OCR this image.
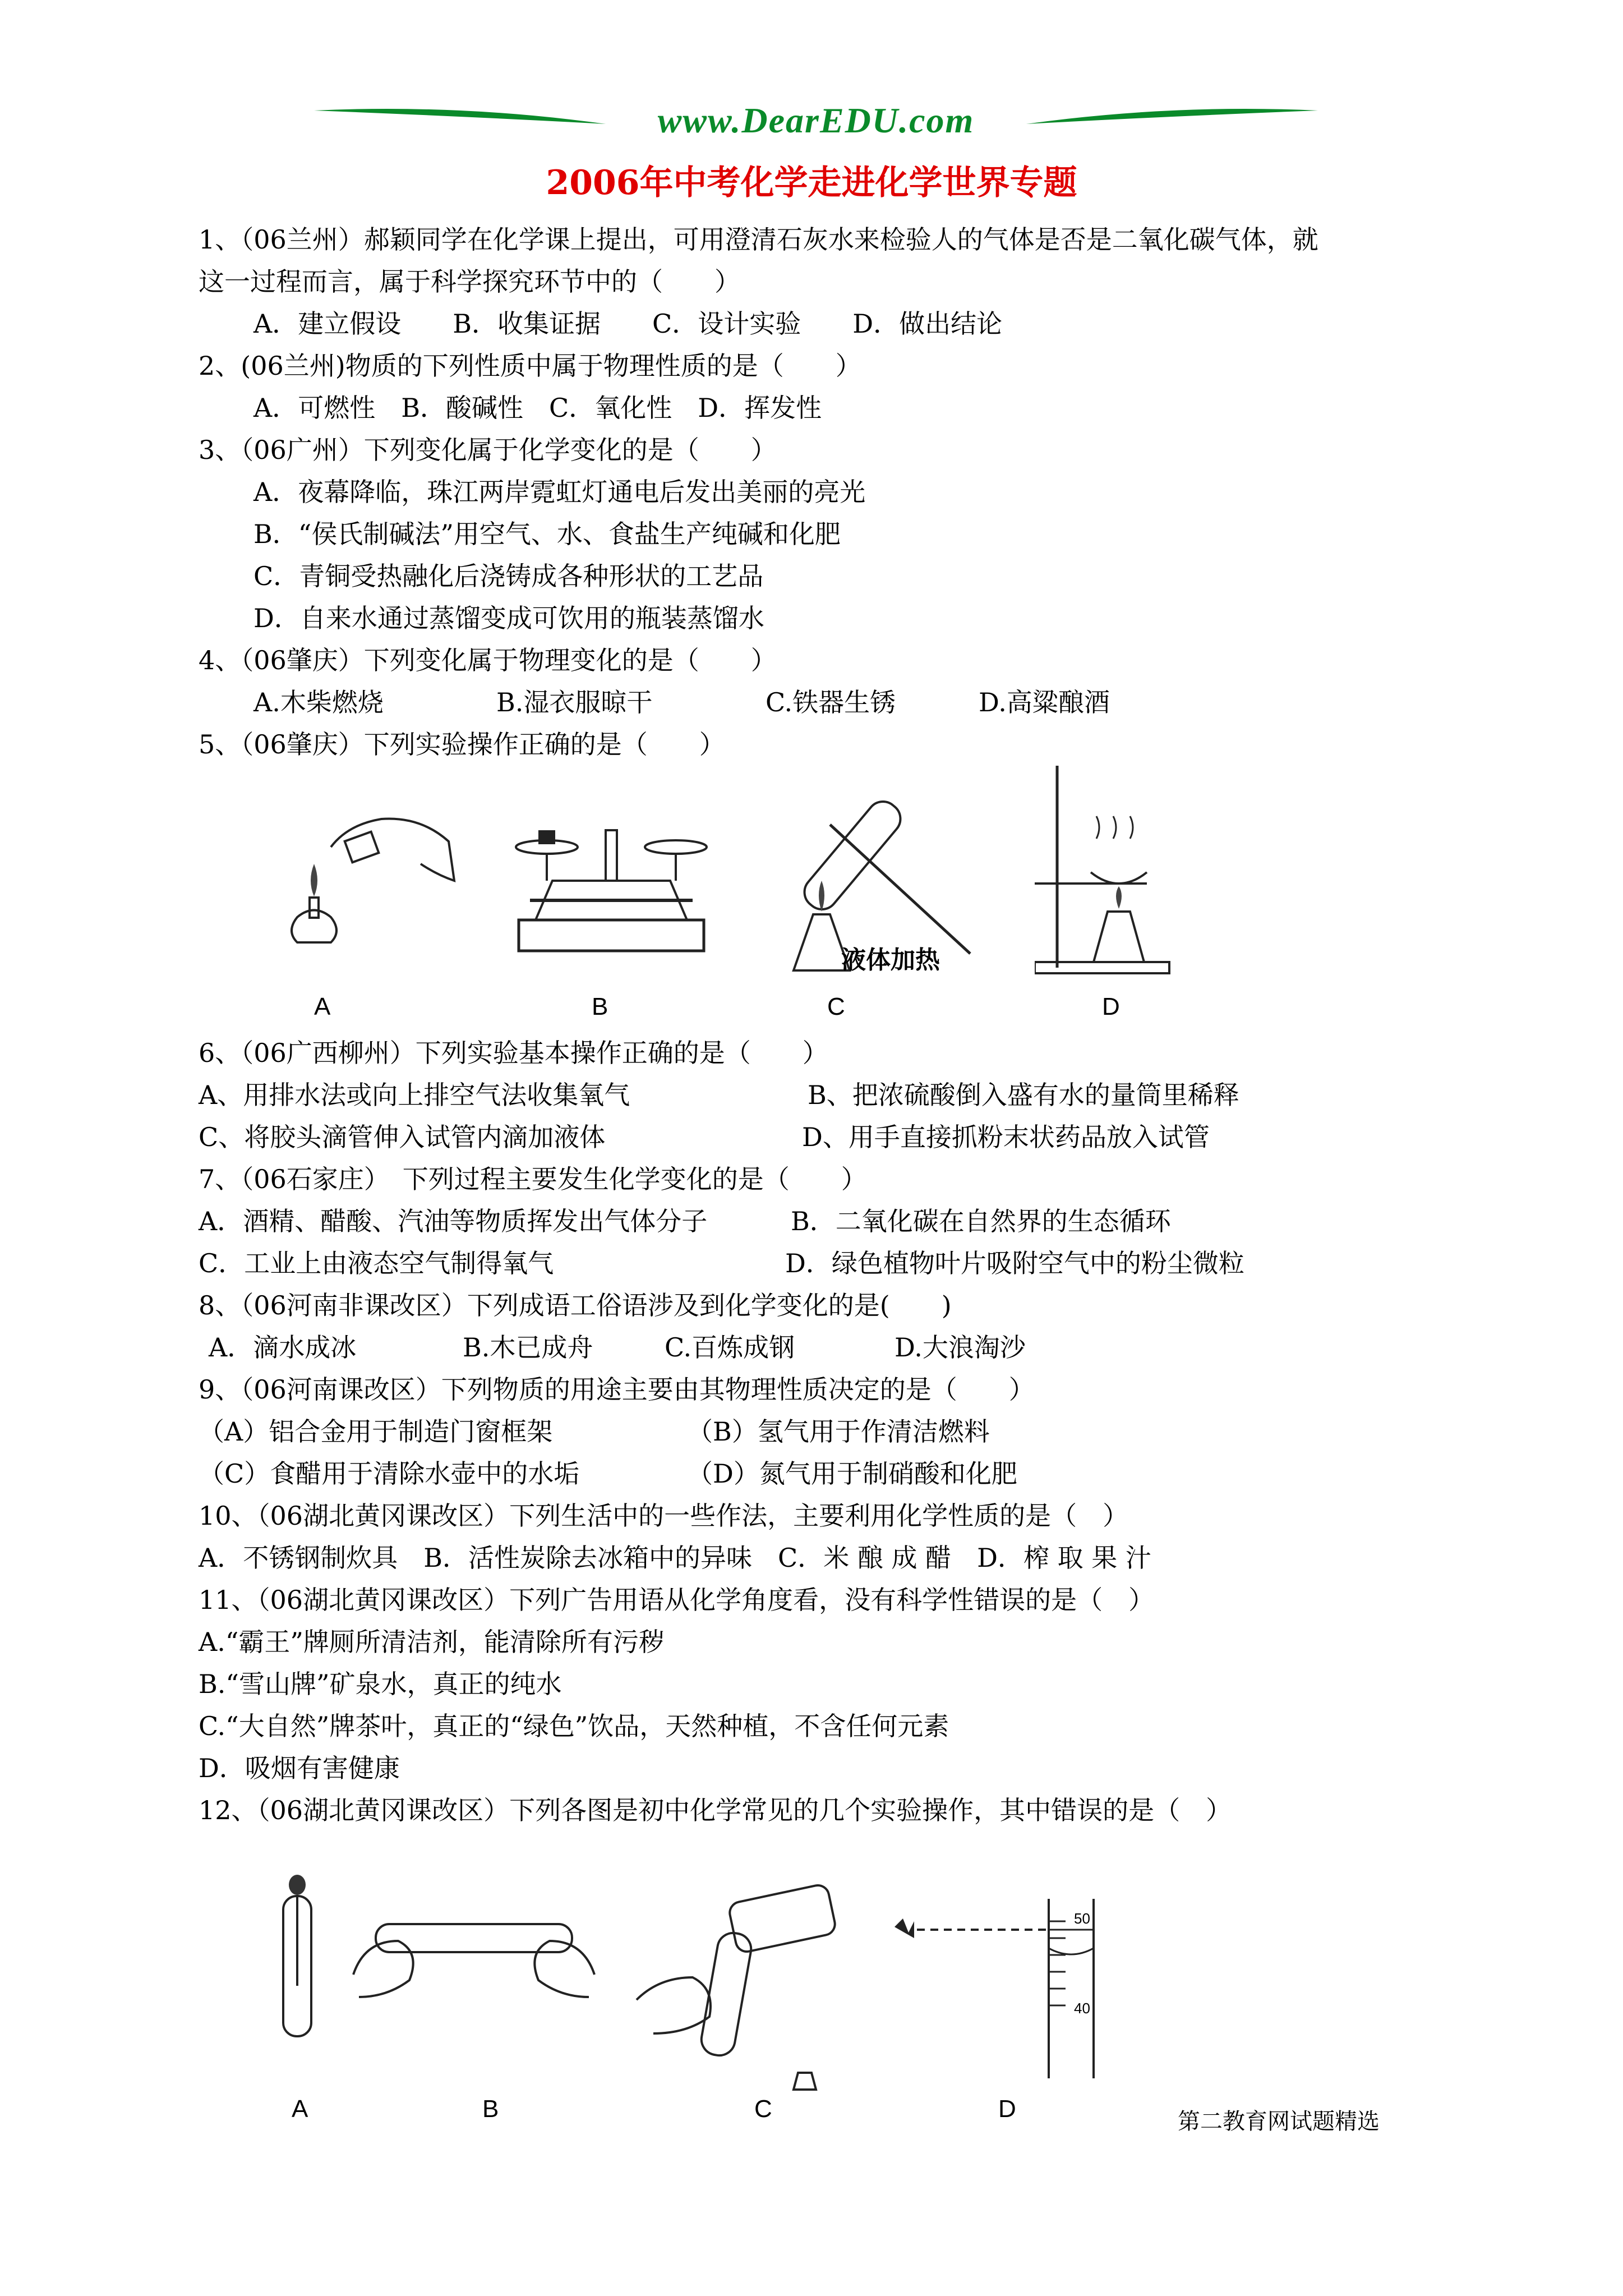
www.DearEDU.com
2006年中考化学走进化学世界专题
1、（06兰州）郝颖同学在化学课上提出，可用澄清石灰水来检验人的气体是否是二氧化碳气体，就
这一过程而言，属于科学探究环节中的（　　）
A．建立假设　　B．收集证据　　C．设计实验　　D．做出结论
2、(06兰州)物质的下列性质中属于物理性质的是（　　）
A．可燃性　B．酸碱性　C．氧化性　D．挥发性
3、（06广州）下列变化属于化学变化的是（　　）
A．夜幕降临，珠江两岸霓虹灯通电后发出美丽的亮光
B．“侯氏制碱法”用空气、水、食盐生产纯碱和化肥
C．青铜受热融化后浇铸成各种形状的工艺品
D．自来水通过蒸馏变成可饮用的瓶装蒸馏水
4、（06肇庆）下列变化属于物理变化的是（　　）
A.木柴燃烧	B.湿衣服晾干	C.铁器生锈	D.高粱酿酒
5、（06肇庆）下列实验操作正确的是（　　）
液体加热
A	B	C	D
6、（06广西柳州）下列实验基本操作正确的是（　　）
A、用排水法或向上排空气法收集氧气	B、把浓硫酸倒入盛有水的量筒里稀释
C、将胶头滴管伸入试管内滴加液体	D、用手直接抓粉末状药品放入试管
7、（06石家庄）　下列过程主要发生化学变化的是（　　）
A．酒精、醋酸、汽油等物质挥发出气体分子	B．二氧化碳在自然界的生态循环
C．工业上由液态空气制得氧气	D．绿色植物叶片吸附空气中的粉尘微粒
8、（06河南非课改区）下列成语工俗语涉及到化学变化的是(　　)
A．滴水成冰	B.木已成舟	C.百炼成钢	D.大浪淘沙
9、（06河南课改区）下列物质的用途主要由其物理性质决定的是（　　）
（A）铝合金用于制造门窗框架	（B）氢气用于作清洁燃料
（C）食醋用于清除水壶中的水垢	（D）氮气用于制硝酸和化肥
10、（06湖北黄冈课改区）下列生活中的一些作法，主要利用化学性质的是（　）
A．不锈钢制炊具　B．活性炭除去冰箱中的异味　C．米 酿 成 醋　D．榨 取 果 汁
11、（06湖北黄冈课改区）下列广告用语从化学角度看，没有科学性错误的是（　）
A.“霸王”牌厕所清洁剂，能清除所有污秽
B.“雪山牌”矿泉水，真正的纯水
C.“大自然”牌茶叶，真正的“绿色”饮品，天然种植，不含任何元素
D．吸烟有害健康
12、（06湖北黄冈课改区）下列各图是初中化学常见的几个实验操作，其中错误的是（　）
50
40
A	B	C	D	第二教育网试题精选
